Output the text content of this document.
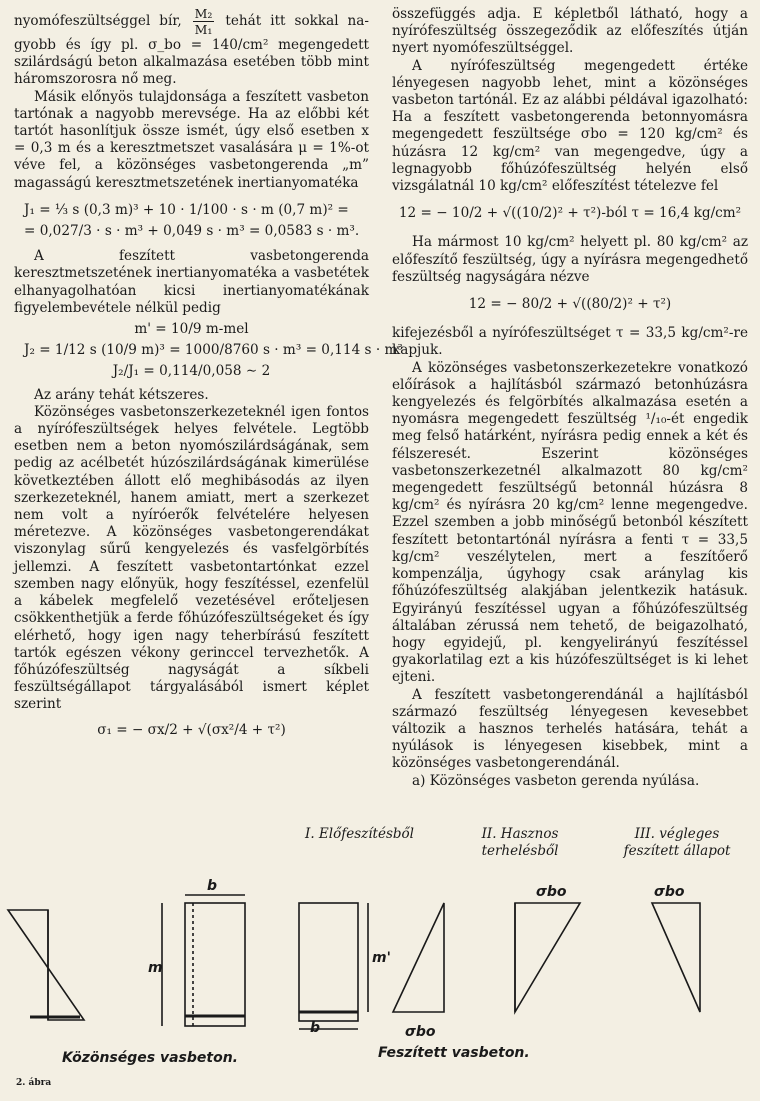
nyomófeszültséggel bír, $\frac{\text{M₂}}{\text{M₁}}$ tehát itt sokkal na- gyobb és így pl. σ_bo = 140/cm² megengedett szilárdságú beton alkalmazása esetében több mint háromszorosra nő meg.

Másik előnyös tulajdonsága a feszített vasbeton tartónak a nagyobb merevsége. Ha az előbbi két tartót hasonlítjuk össze ismét, úgy első esetben x = 0,3 m és a keresztmetszet vasalására μ = 1%-ot véve fel, a közönséges vasbetongerenda „m” magasságú keresztmetszetének inertianyomatéka

J₁ = ⅓ s (0,3 m)³ + 10 · 1/100 · s · m (0,7 m)² =
= 0,027/3 · s · m³ + 0,049 s · m³ = 0,0583 s · m³.

A feszített vasbetongerenda keresztmetszetének inertianyomatéka a vasbetétek elhanyagolhatóan kicsi inertianyomatékának figyelembevétele nélkül pedig

m' = 10/9 m-mel
J₂ = 1/12 s (10/9 m)³ = 1000/8760 s · m³ = 0,114 s · m³
J₂/J₁ = 0,114/0,058 ∼ 2

Az arány tehát kétszeres.

Közönséges vasbetonszerkezeteknél igen fontos a nyírófeszültségek helyes felvétele. Legtöbb esetben nem a beton nyomószilárdságának, sem pedig az acélbetét húzószilárdságának kimerülése következtében állott elő meghibásodás az ilyen szerkezeteknél, hanem amiatt, mert a szerkezet nem volt a nyíróerők felvételére helyesen méretezve. A közönséges vasbetongerendákat viszonylag sűrű kengyelezés és vasfelgörbítés jellemzi. A feszített vasbetontartónkat ezzel szemben nagy előnyük, hogy feszítéssel, ezenfelül a kábelek megfelelő vezetésével erőteljesen csökkenthetjük a ferde főhúzófeszültségeket és így elérhető, hogy igen nagy teherbírású feszített tartók egészen vékony gerinccel tervezhetők. A főhúzófeszültség nagyságát a síkbeli feszültségállapot tárgyalásából ismert képlet szerint

σ₁ = − σx/2 + √(σx²/4 + τ²)

összefüggés adja. E képletből látható, hogy a nyírófeszültség összegeződik az előfeszítés útján nyert nyomófeszültséggel.

A nyírófeszültség megengedett értéke lényegesen nagyobb lehet, mint a közönséges vasbeton tartónál. Ez az alábbi példával igazolható: Ha a feszített vasbetongerenda betonnyomásra megengedett feszültsége σbo = 120 kg/cm² és húzásra 12 kg/cm² van megengedve, úgy a legnagyobb főhúzófeszültség helyén első vizsgálatnál 10 kg/cm² előfeszítést tételezve fel

12 = − 10/2 + √((10/2)² + τ²)-ból τ = 16,4 kg/cm²

Ha mármost 10 kg/cm² helyett pl. 80 kg/cm² az előfeszítő feszültség, úgy a nyírásra megengedhető feszültség nagyságára nézve

12 = − 80/2 + √((80/2)² + τ²)

kifejezésből a nyírófeszültséget τ = 33,5 kg/cm²-re kapjuk.

A közönséges vasbetonszerkezetekre vonatkozó előírások a hajlításból származó betonhúzásra kengyelezés és felgörbítés alkalmazása esetén a nyomásra megengedett feszültség ¹/₁₀-ét engedik meg felső határként, nyírásra pedig ennek a két és félszeresét. Eszerint közönséges vasbetonszerkezetnél alkalmazott 80 kg/cm² megengedett feszültségű betonnál húzásra 8 kg/cm² és nyírásra 20 kg/cm² lenne megengedve. Ezzel szemben a jobb minőségű betonból készített feszített betontartónál nyírásra a fenti τ = 33,5 kg/cm² veszélytelen, mert a feszítőerő kompenzálja, úgyhogy csak aránylag kis főhúzófeszültség alakjában jelentkezik hatásuk. Egyirányú feszítéssel ugyan a főhúzófeszültség általában zérussá nem tehető, de beigazolható, hogy egyidejű, pl. kengyelirányú feszítéssel gyakorlatilag ezt a kis húzófeszültséget is ki lehet ejteni.

A feszített vasbetongerendánál a hajlításból származó feszültség lényegesen kevesebbet változik a hasznos terhelés hatására, tehát a nyúlások is lényegesen kisebbek, mint a közönséges vasbetongerendánál.

a) Közönséges vasbeton gerenda nyúlása.

I. Előfeszítésből	II. Hasznos
terhelésből
III. végleges
feszített állapot
b
m
m'
b	σbo
σbo	σbo
Közönséges vasbeton.	Feszített vasbeton.
2. ábra
